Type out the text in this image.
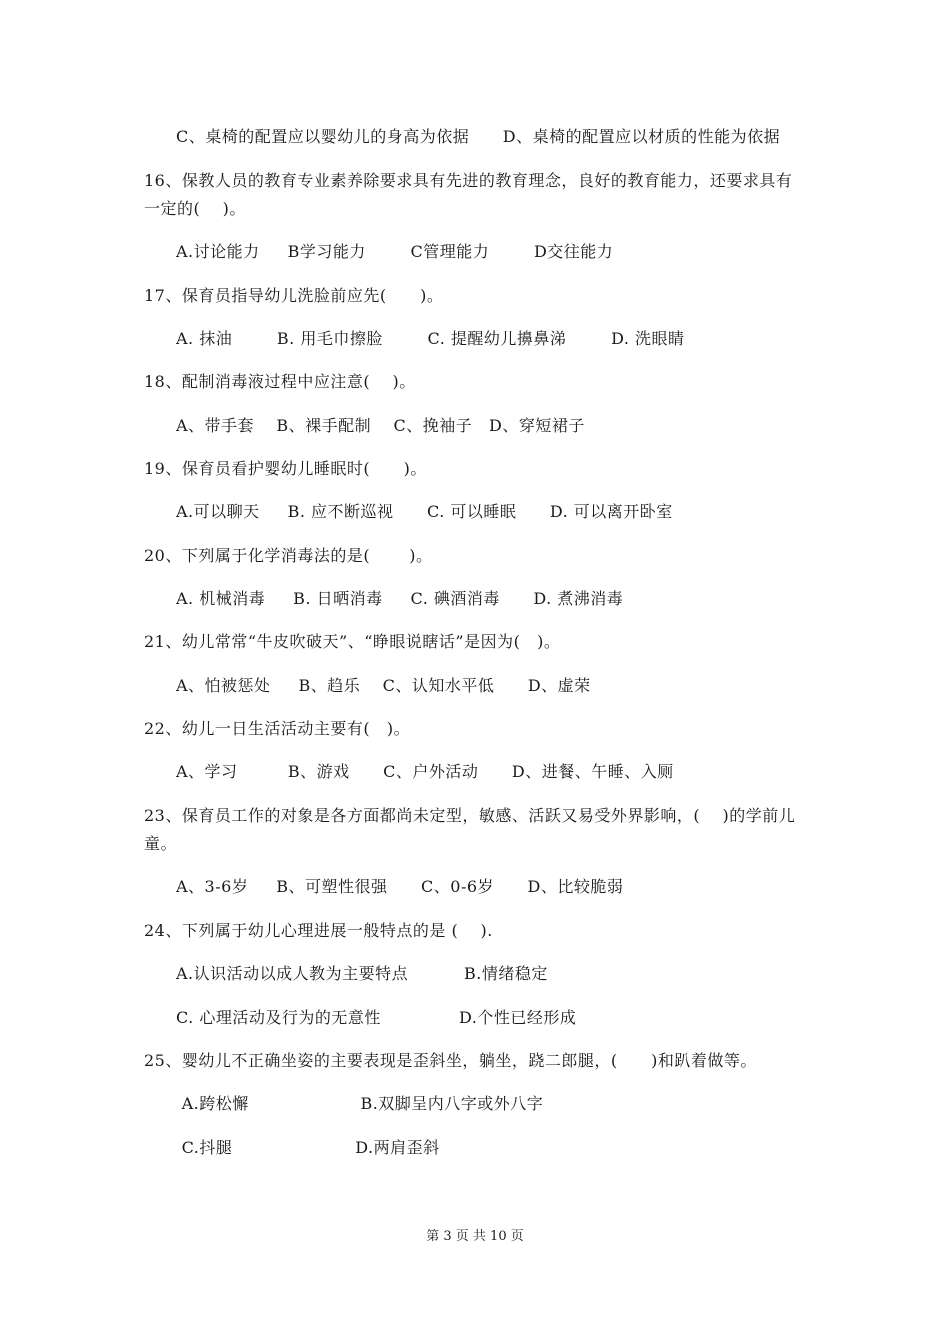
C、桌椅的配置应以婴幼儿的身高为依据      D、桌椅的配置应以材质的性能为依据
16、保教人员的教育专业素养除要求具有先进的教育理念，良好的教育能力，还要求具有
一定的(    )。
A.讨论能力     B学习能力        C管理能力        D交往能力
17、保育员指导幼儿洗脸前应先(      )。
A. 抹油        B. 用毛巾擦脸        C. 提醒幼儿擤鼻涕        D. 洗眼睛
18、配制消毒液过程中应注意(    )。
A、带手套    B、裸手配制    C、挽袖子   D、穿短裙子
19、保育员看护婴幼儿睡眠时(      )。
A.可以聊天     B. 应不断巡视      C. 可以睡眠      D. 可以离开卧室
20、下列属于化学消毒法的是(       )。
A. 机械消毒     B. 日晒消毒     C. 碘酒消毒      D. 煮沸消毒
21、幼儿常常“牛皮吹破天”、“睁眼说瞎话”是因为(   )。
A、怕被惩处     B、趋乐    C、认知水平低      D、虚荣
22、幼儿一日生活活动主要有(   )。
A、学习         B、游戏      C、户外活动      D、进餐、午睡、入厕
23、保育员工作的对象是各方面都尚未定型，敏感、活跃又易受外界影响，(    )的学前儿
童。
A、3-6岁     B、可塑性很强      C、0-6岁      D、比较脆弱
24、下列属于幼儿心理进展一般特点的是 (    ).
A.认识活动以成人教为主要特点          B.情绪稳定
C. 心理活动及行为的无意性              D.个性已经形成
25、婴幼儿不正确坐姿的主要表现是歪斜坐，躺坐，跷二郎腿，(      )和趴着做等。
A.跨松懈                    B.双脚呈内八字或外八字
C.抖腿                      D.两肩歪斜
第 3 页 共 10 页
